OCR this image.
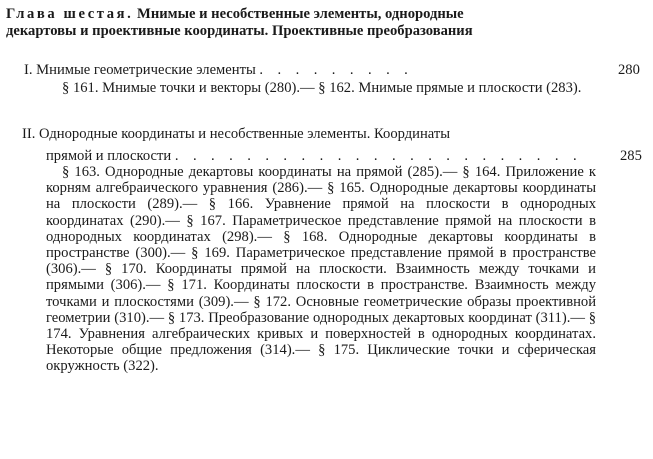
Глава шестая. Мнимые и несобственные элементы, однородные
декартовы и проективные координаты. Проективные преобразования
I. Мнимые геометрические элементы . . . . . . . . .	280
§ 161. Мнимые точки и векторы (280).— § 162. Мнимые прямые и плоскости (283).
II. Однородные координаты и несобственные элементы. Координаты
прямой и плоскости . . . . . . . . . . . . . . . . . . . . . . .	285
§ 163. Однородные декартовы координаты на прямой (285).— § 164. Приложение к корням алгебраического уравнения (286).— § 165. Однородные декартовы координаты на плоскости (289).— § 166. Уравнение прямой на плоскости в однородных координатах (290).— § 167. Параметрическое представление прямой на плоскости в однородных координатах (298).— § 168. Однородные декартовы координаты в пространстве (300).— § 169. Параметрическое представление прямой в пространстве (306).— § 170. Координаты прямой на плоскости. Взаимность между точками и прямыми (306).— § 171. Координаты плоскости в пространстве. Взаимность между точками и плоскостями (309).— § 172. Основные геометрические образы проективной геометрии (310).— § 173. Преобразование однородных декартовых координат (311).— § 174. Уравнения алгебраических кривых и поверхностей в однородных координатах. Некоторые общие предложения (314).— § 175. Циклические точки и сферическая окружность (322).
